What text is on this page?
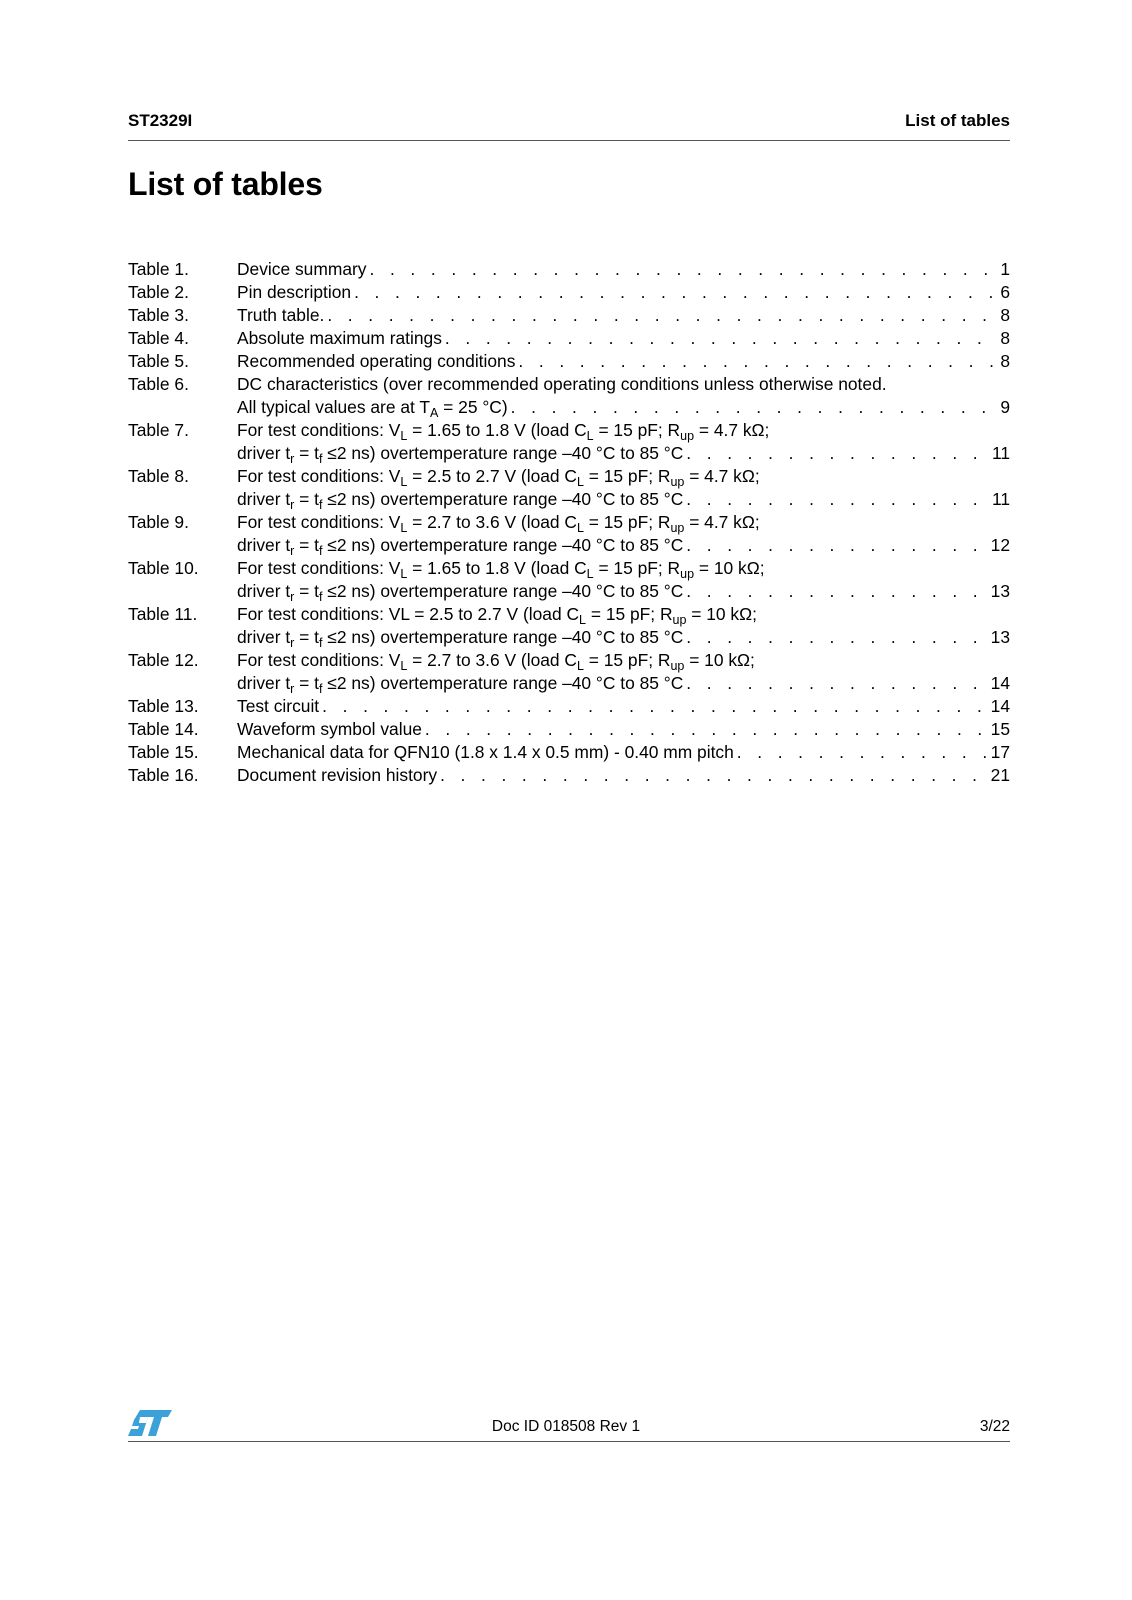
ST2329I	List of tables
List of tables
Table 1.	Device summary . . .	1
Table 2.	Pin description . . .	6
Table 3.	Truth table. . . .	8
Table 4.	Absolute maximum ratings . . .	8
Table 5.	Recommended operating conditions . . .	8
Table 6.	DC characteristics (over recommended operating conditions unless otherwise noted.
All typical values are at $T_A = 25$ °C) . . .	9
Table 7.	For test conditions: $V_L = 1.65$ to 1.8 V (load $C_L = 15$ pF; $R_{up} = 4.7$ kΩ;
driver $t_r = t_f \le 2$ ns) overtemperature range –40 °C to 85 °C . . .	11
Table 8.	For test conditions: $V_L = 2.5$ to 2.7 V (load $C_L = 15$ pF; $R_{up} = 4.7$ kΩ;
driver $t_r = t_f \le 2$ ns) overtemperature range –40 °C to 85 °C . . .	11
Table 9.	For test conditions: $V_L = 2.7$ to 3.6 V (load $C_L = 15$ pF; $R_{up} = 4.7$ kΩ;
driver $t_r = t_f \le 2$ ns) overtemperature range –40 °C to 85 °C . . .	12
Table 10.	For test conditions: $V_L = 1.65$ to 1.8 V (load $C_L = 15$ pF; $R_{up} = 10$ kΩ;
driver $t_r = t_f \le 2$ ns) overtemperature range –40 °C to 85 °C . . .	13
Table 11.	For test conditions: VL = 2.5 to 2.7 V (load $C_L = 15$ pF; $R_{up} = 10$ kΩ;
driver $t_r = t_f \le 2$ ns) overtemperature range –40 °C to 85 °C . . .	13
Table 12.	For test conditions: $V_L = 2.7$ to 3.6 V (load $C_L = 15$ pF; $R_{up} = 10$ kΩ;
driver $t_r = t_f \le 2$ ns) overtemperature range –40 °C to 85 °C . . .	14
Table 13.	Test circuit . . .	14
Table 14.	Waveform symbol value . . .	15
Table 15.	Mechanical data for QFN10 (1.8 x 1.4 x 0.5 mm) - 0.40 mm pitch . . .	17
Table 16.	Document revision history . . .	21
Doc ID 018508 Rev 1	3/22
